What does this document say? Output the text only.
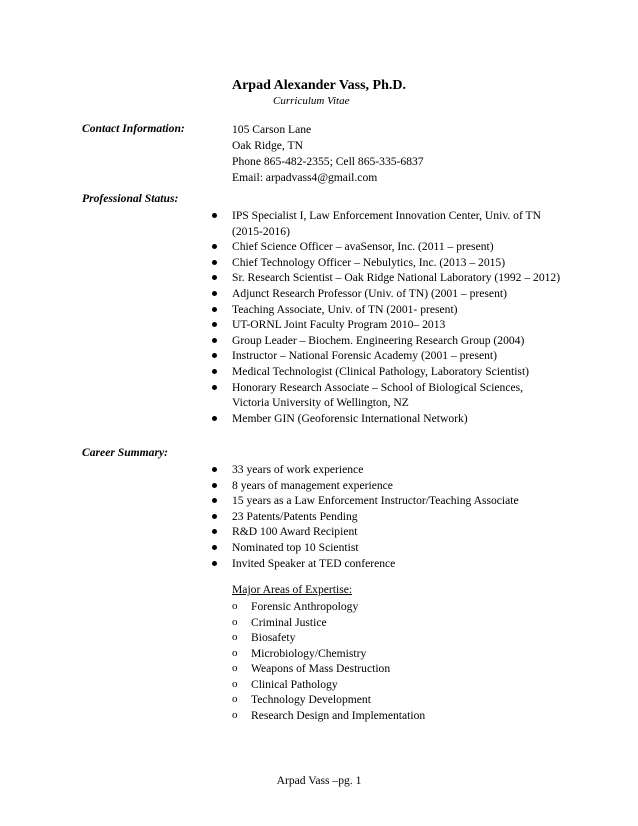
Arpad Alexander Vass, Ph.D.
Curriculum Vitae
Contact Information:	105 Carson Lane
Oak Ridge, TN
Phone 865-482-2355; Cell 865-335-6837
Email: arpadvass4@gmail.com
Professional Status:
IPS Specialist I, Law Enforcement Innovation Center, Univ. of TN (2015-2016)
Chief Science Officer – avaSensor, Inc. (2011 – present)
Chief Technology Officer – Nebulytics, Inc. (2013 – 2015)
Sr. Research Scientist – Oak Ridge National Laboratory (1992 – 2012)
Adjunct Research Professor (Univ. of TN) (2001 – present)
Teaching Associate, Univ. of TN (2001- present)
UT-ORNL Joint Faculty Program 2010– 2013
Group Leader – Biochem. Engineering Research Group (2004)
Instructor – National Forensic Academy (2001 – present)
Medical Technologist (Clinical Pathology, Laboratory Scientist)
Honorary Research Associate – School of Biological Sciences, Victoria University of Wellington, NZ
Member GIN (Geoforensic International Network)
Career Summary:
33 years of work experience
8 years of management experience
15 years as a Law Enforcement Instructor/Teaching Associate
23 Patents/Patents Pending
R&D 100 Award Recipient
Nominated top 10 Scientist
Invited Speaker at TED conference
Major Areas of Expertise:
o Forensic Anthropology
o Criminal Justice
o Biosafety
o Microbiology/Chemistry
o Weapons of Mass Destruction
o Clinical Pathology
o Technology Development
o Research Design and Implementation
Arpad Vass –pg. 1
